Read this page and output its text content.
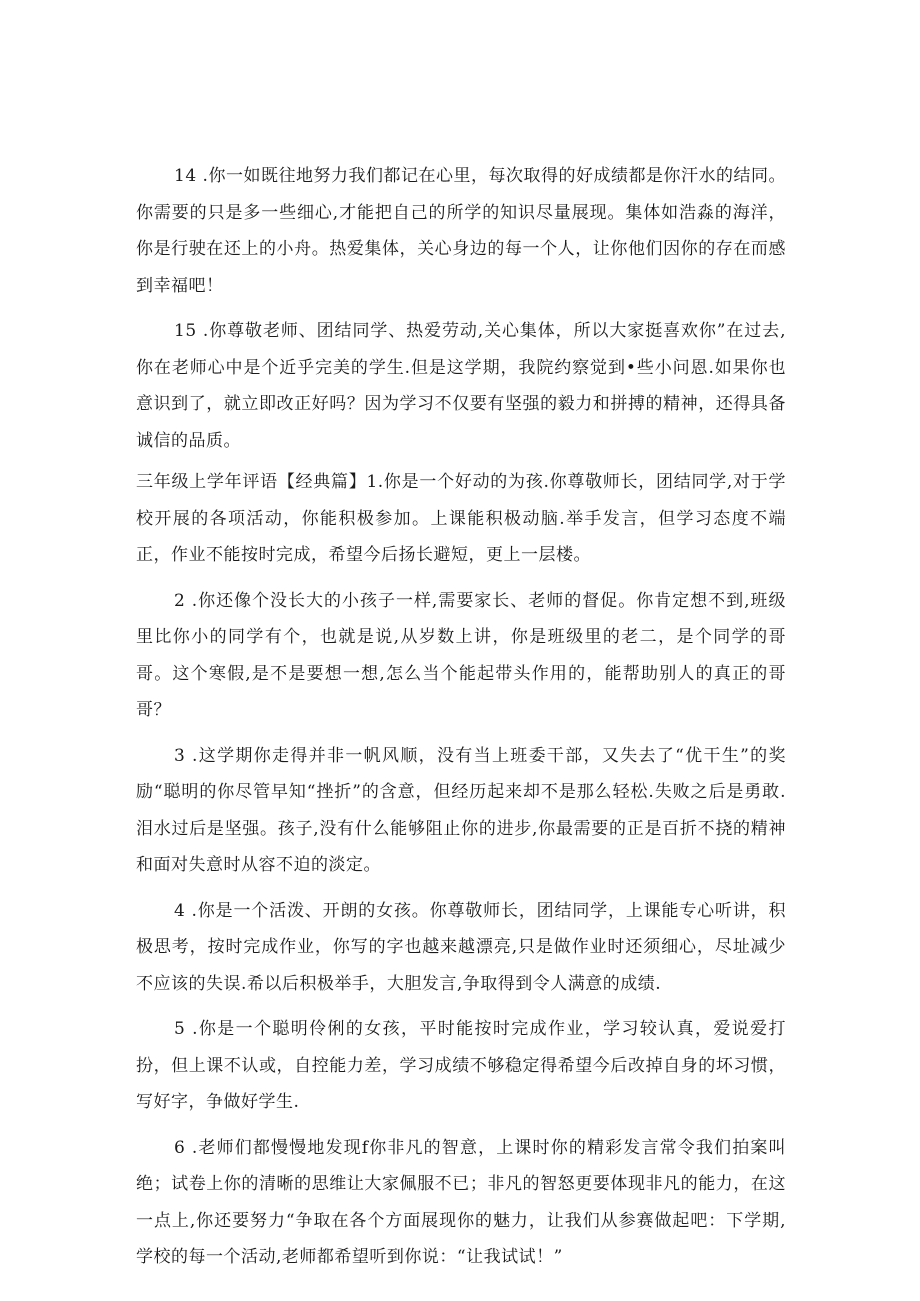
14 .你一如既往地努力我们都记在心里，每次取得的好成绩都是你汗水的结同。你需要的只是多一些细心,才能把自己的所学的知识尽量展现。集体如浩淼的海洋，你是行驶在还上的小舟。热爱集体，关心身边的每一个人，让你他们因你的存在而感到幸福吧！

15 .你尊敬老师、团结同学、热爱劳动,关心集体，所以大家挺喜欢你”在过去,你在老师心中是个近乎完美的学生.但是这学期，我院约察觉到•些小问恩.如果你也意识到了，就立即改正好吗？因为学习不仅要有坚强的毅力和拼搏的精神，还得具备诚信的品质。

三年级上学年评语【经典篇】1.你是一个好动的为孩.你尊敬师长，团结同学,对于学校开展的各项活动，你能积极参加。上课能积极动脑.举手发言，但学习态度不端正，作业不能按时完成，希望今后扬长避短，更上一层楼。

2 .你还像个没长大的小孩子一样,需要家长、老师的督促。你肯定想不到,班级里比你小的同学有个，也就是说,从岁数上讲，你是班级里的老二，是个同学的哥哥。这个寒假,是不是要想一想,怎么当个能起带头作用的，能帮助别人的真正的哥哥？

3 .这学期你走得并非一帆风顺，没有当上班委干部，又失去了“优干生”的奖励“聪明的你尽管早知“挫折”的含意，但经历起来却不是那么轻松.失败之后是勇敢.泪水过后是坚强。孩子,没有什么能够阻止你的进步,你最需要的正是百折不挠的精神和面对失意时从容不迫的淡定。

4 .你是一个活泼、开朗的女孩。你尊敬师长，团结同学，上课能专心听讲，积极思考，按时完成作业，你写的字也越来越漂亮,只是做作业时还须细心，尽址减少不应该的失误.希以后积极举手，大胆发言,争取得到令人满意的成绩.

5 .你是一个聪明伶俐的女孩，平时能按时完成作业，学习较认真，爱说爱打扮，但上课不认或，自控能力差，学习成绩不够稳定得希望今后改掉自身的坏习惯，写好字，争做好学生.

6 .老师们都慢慢地发现f你非凡的智意，上课时你的精彩发言常令我们拍案叫绝；试卷上你的清晰的思维让大家佩服不已；非凡的智怒更要体现非凡的能力，在这一点上,你还要努力“争取在各个方面展现你的魅力，让我们从参赛做起吧：下学期,学校的每一个活动,老师都希望听到你说：“让我试试！”
